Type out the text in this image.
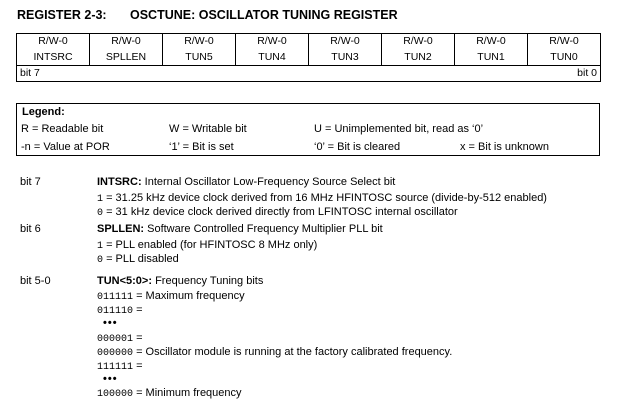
REGISTER 2-3: OSCTUNE: OSCILLATOR TUNING REGISTER
R/W-0	R/W-0	R/W-0	R/W-0	R/W-0	R/W-0	R/W-0	R/W-0
INTSRC	SPLLEN	TUN5	TUN4	TUN3	TUN2	TUN1	TUN0
bit 7 bit 0							
Legend:
R = Readable bit	W = Writable bit	U = Unimplemented bit, read as ‘0’
-n = Value at POR	‘1’ = Bit is set	‘0’ = Bit is cleared	x = Bit is unknown
bit 7	INTSRC: Internal Oscillator Low-Frequency Source Select bit
1 = 31.25 kHz device clock derived from 16 MHz HFINTOSC source (divide-by-512 enabled)
0 = 31 kHz device clock derived directly from LFINTOSC internal oscillator
bit 6	SPLLEN: Software Controlled Frequency Multiplier PLL bit
1 = PLL enabled (for HFINTOSC 8 MHz only)
0 = PLL disabled
bit 5-0	TUN<5:0>: Frequency Tuning bits
011111 = Maximum frequency
011110 =
•••
000001 =
000000 = Oscillator module is running at the factory calibrated frequency.
111111 =
•••
100000 = Minimum frequency
